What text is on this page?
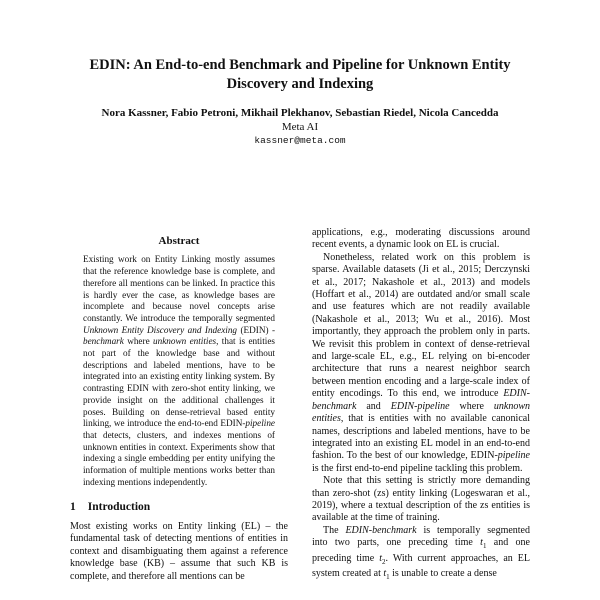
EDIN: An End-to-end Benchmark and Pipeline for Unknown Entity Discovery and Indexing
Nora Kassner, Fabio Petroni, Mikhail Plekhanov, Sebastian Riedel, Nicola Cancedda
Meta AI
kassner@meta.com
Abstract

Existing work on Entity Linking mostly assumes that the reference knowledge base is complete, and therefore all mentions can be linked. In practice this is hardly ever the case, as knowledge bases are incomplete and because novel concepts arise constantly. We introduce the temporally segmented Unknown Entity Discovery and Indexing (EDIN) -benchmark where unknown entities, that is entities not part of the knowledge base and without descriptions and labeled mentions, have to be integrated into an existing entity linking system. By contrasting EDIN with zero-shot entity linking, we provide insight on the additional challenges it poses. Building on dense-retrieval based entity linking, we introduce the end-to-end EDIN-pipeline that detects, clusters, and indexes mentions of unknown entities in context. Experiments show that indexing a single embedding per entity unifying the information of multiple mentions works better than indexing mentions independently.

1 Introduction

Most existing works on Entity linking (EL) – the fundamental task of detecting mentions of entities in context and disambiguating them against a reference knowledge base (KB) – assume that such KB is complete, and therefore all mentions can be

applications, e.g., moderating discussions around recent events, a dynamic look on EL is crucial.

Nonetheless, related work on this problem is sparse. Available datasets (Ji et al., 2015; Derczynski et al., 2017; Nakashole et al., 2013) and models (Hoffart et al., 2014) are outdated and/or small scale and use features which are not readily available (Nakashole et al., 2013; Wu et al., 2016). Most importantly, they approach the problem only in parts. We revisit this problem in context of dense-retrieval and large-scale EL, e.g., EL relying on bi-encoder architecture that runs a nearest neighbor search between mention encoding and a large-scale index of entity encodings. To this end, we introduce EDIN-benchmark and EDIN-pipeline where unknown entities, that is entities with no available canonical names, descriptions and labeled mentions, have to be integrated into an existing EL model in an end-to-end fashion. To the best of our knowledge, EDIN-pipeline is the first end-to-end pipeline tackling this problem.

Note that this setting is strictly more demanding than zero-shot (zs) entity linking (Logeswaran et al., 2019), where a textual description of the zs entities is available at the time of training.

The EDIN-benchmark is temporally segmented into two parts, one preceding time $t_1$ and one preceding time $t_2$. With current approaches, an EL system created at $t_1$ is unable to create a dense
